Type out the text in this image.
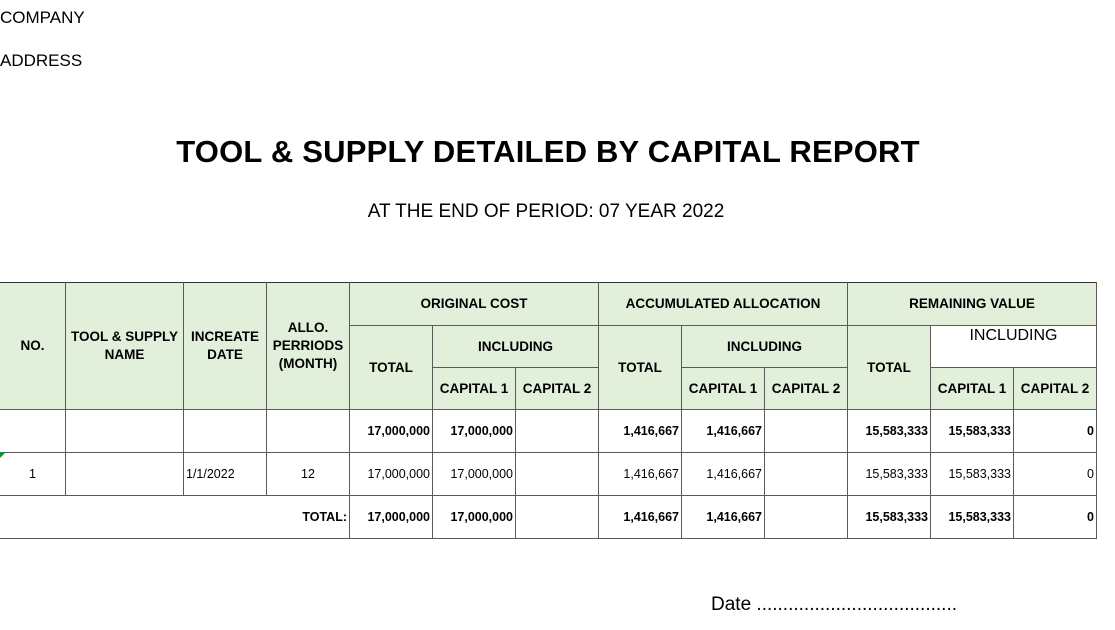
COMPANY
ADDRESS
TOOL & SUPPLY DETAILED BY CAPITAL REPORT
AT THE END OF PERIOD: 07 YEAR 2022
NO.	TOOL & SUPPLY NAME	INCREATE DATE	ALLO. PERRIODS (MONTH)	ORIGINAL COST			ACCUMULATED ALLOCATION			REMAINING VALUE		
				TOTAL	INCLUDING		TOTAL	INCLUDING		TOTAL	INCLUDING	
					CAPITAL 1	CAPITAL 2		CAPITAL 1	CAPITAL 2		CAPITAL 1	CAPITAL 2
				17,000,000	17,000,000		1,416,667	1,416,667		15,583,333	15,583,333	0
1		1/1/2022	12	17,000,000	17,000,000		1,416,667	1,416,667		15,583,333	15,583,333	0
TOTAL:				17,000,000	17,000,000		1,416,667	1,416,667		15,583,333	15,583,333	0
Date ......................................
